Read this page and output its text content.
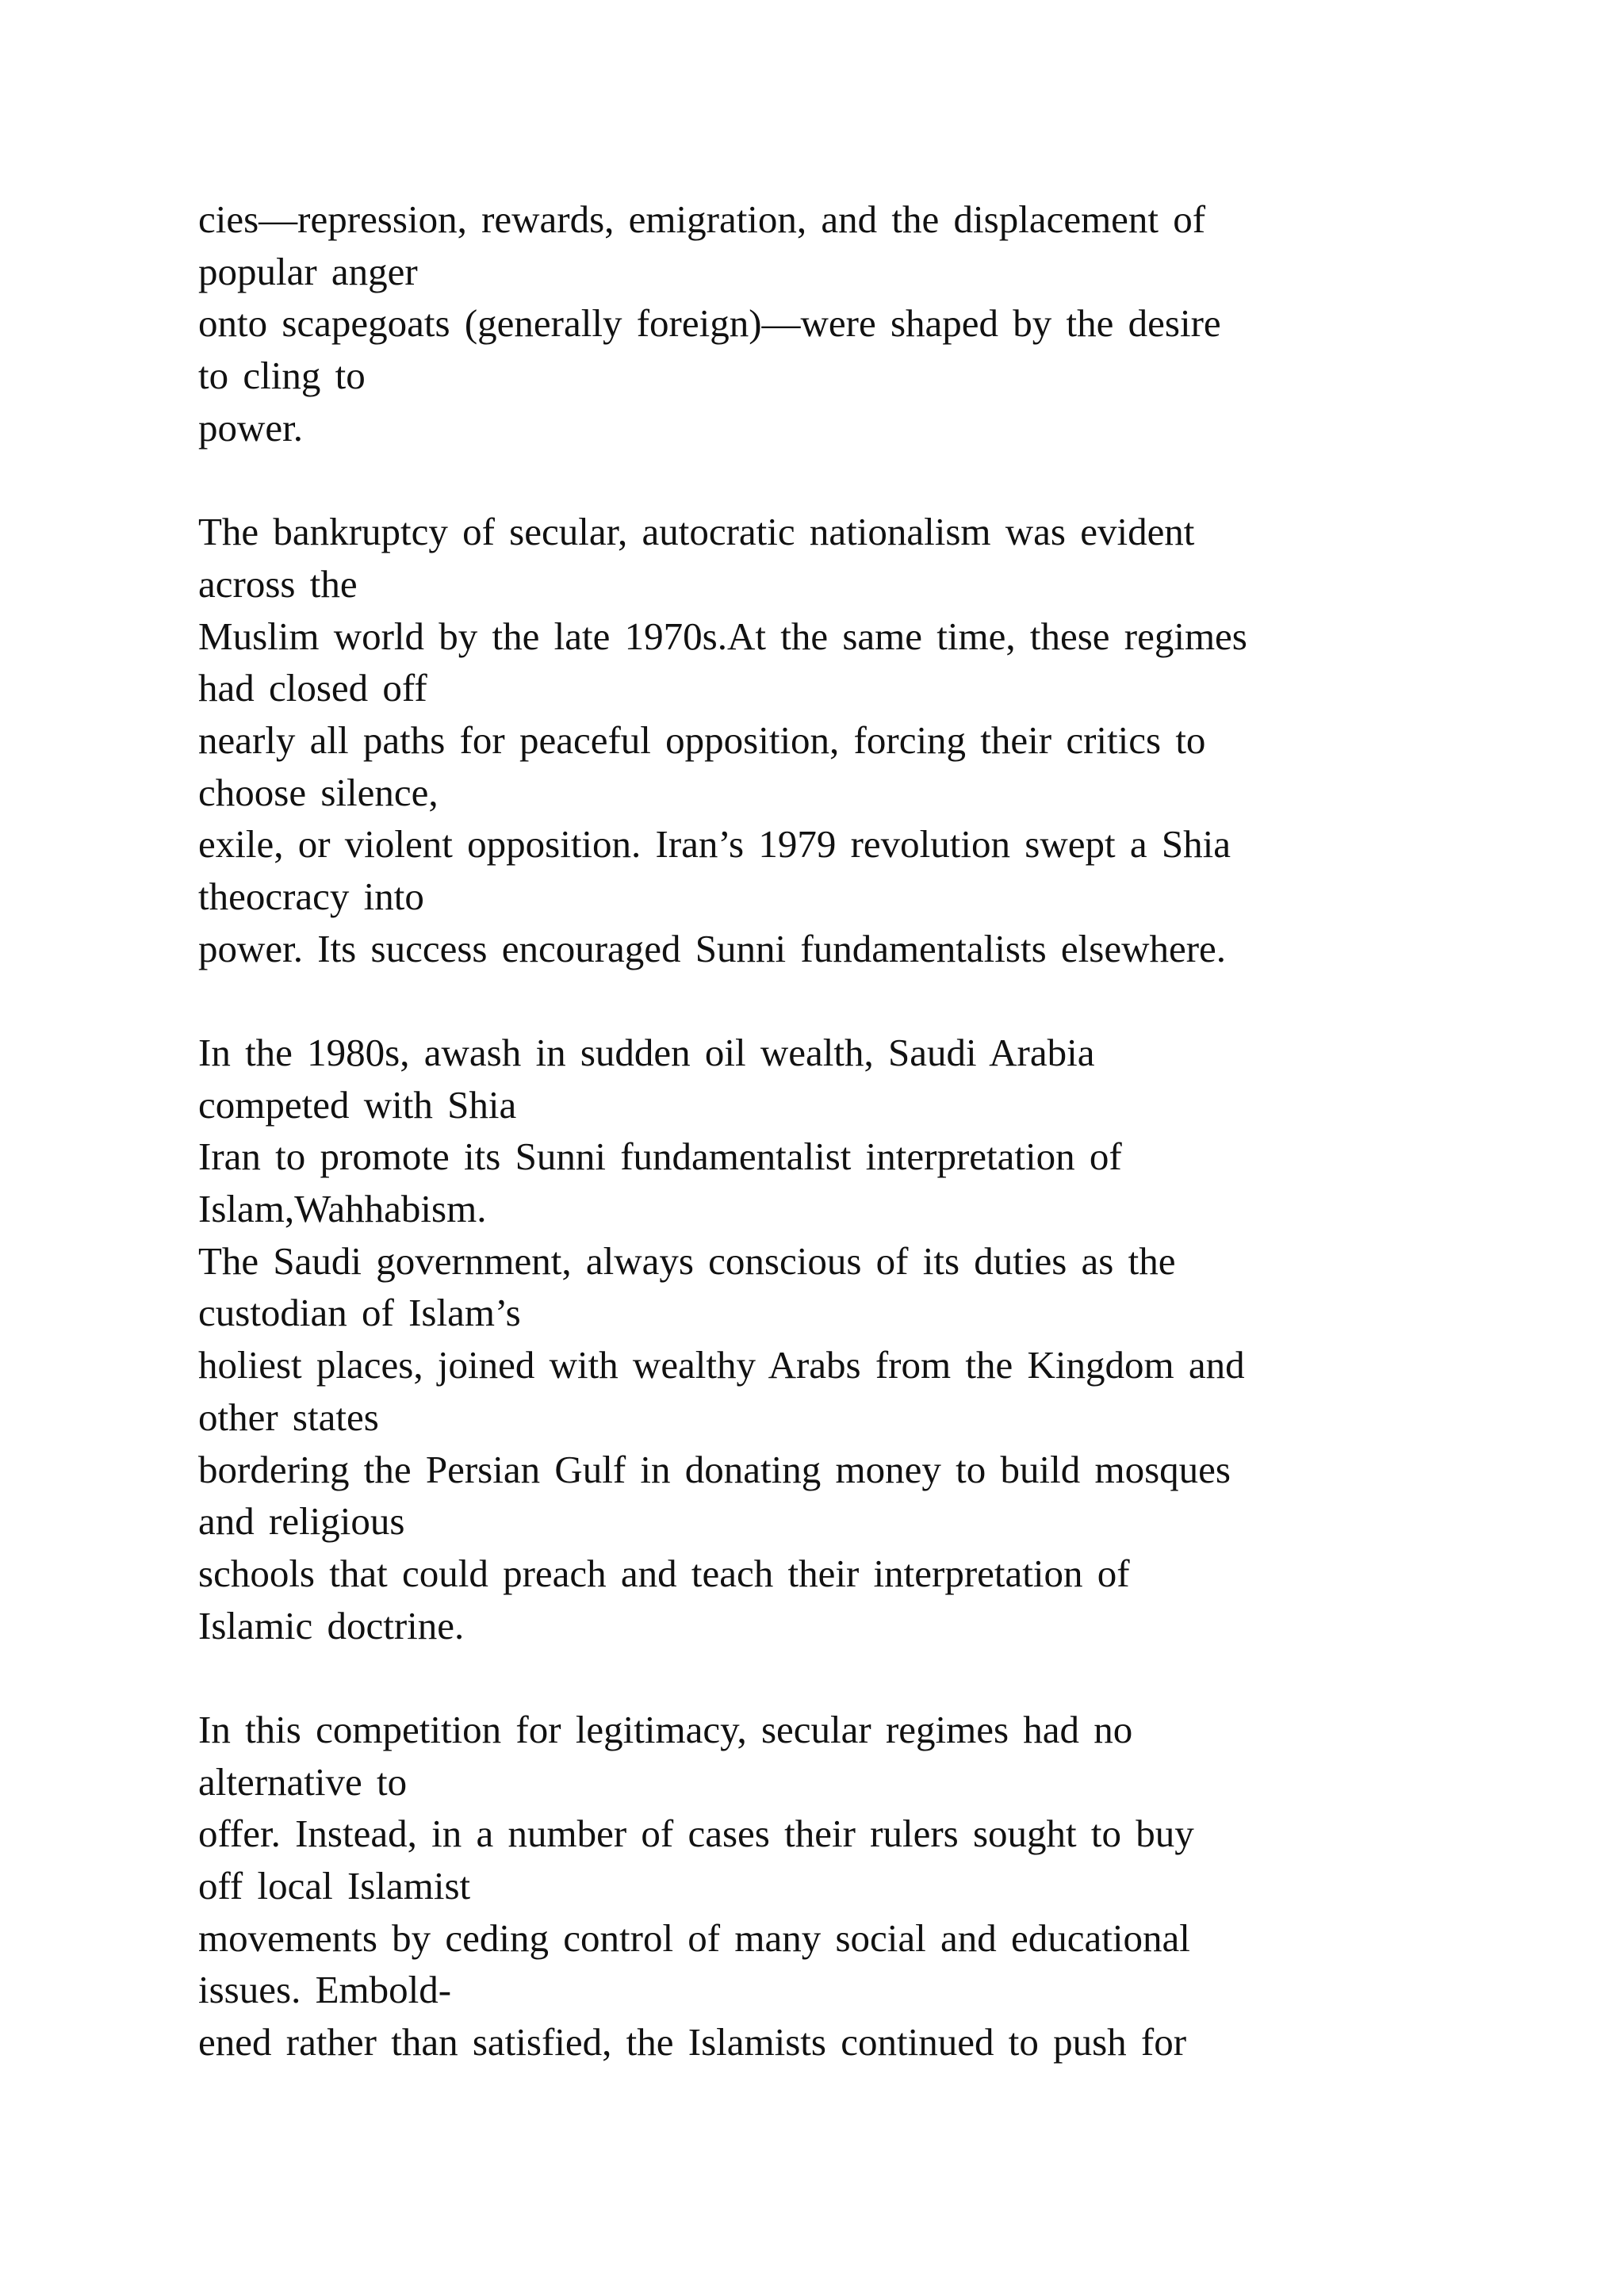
cies—repression, rewards, emigration, and the displacement of
popular anger
onto scapegoats (generally foreign)—were shaped by the desire
to cling to
power.
The bankruptcy of secular, autocratic nationalism was evident
across the
Muslim world by the late 1970s.At the same time, these regimes
had closed off
nearly all paths for peaceful opposition, forcing their critics to
choose silence,
exile, or violent opposition. Iran’s 1979 revolution swept a Shia
theocracy into
power. Its success encouraged Sunni fundamentalists elsewhere.
In the 1980s, awash in sudden oil wealth, Saudi Arabia
competed with Shia
Iran to promote its Sunni fundamentalist interpretation of
Islam,Wahhabism.
The Saudi government, always conscious of its duties as the
custodian of Islam’s
holiest places, joined with wealthy Arabs from the Kingdom and
other states
bordering the Persian Gulf in donating money to build mosques
and religious
schools that could preach and teach their interpretation of
Islamic doctrine.
In this competition for legitimacy, secular regimes had no
alternative to
offer. Instead, in a number of cases their rulers sought to buy
off local Islamist
movements by ceding control of many social and educational
issues. Embold-
ened rather than satisfied, the Islamists continued to push for
